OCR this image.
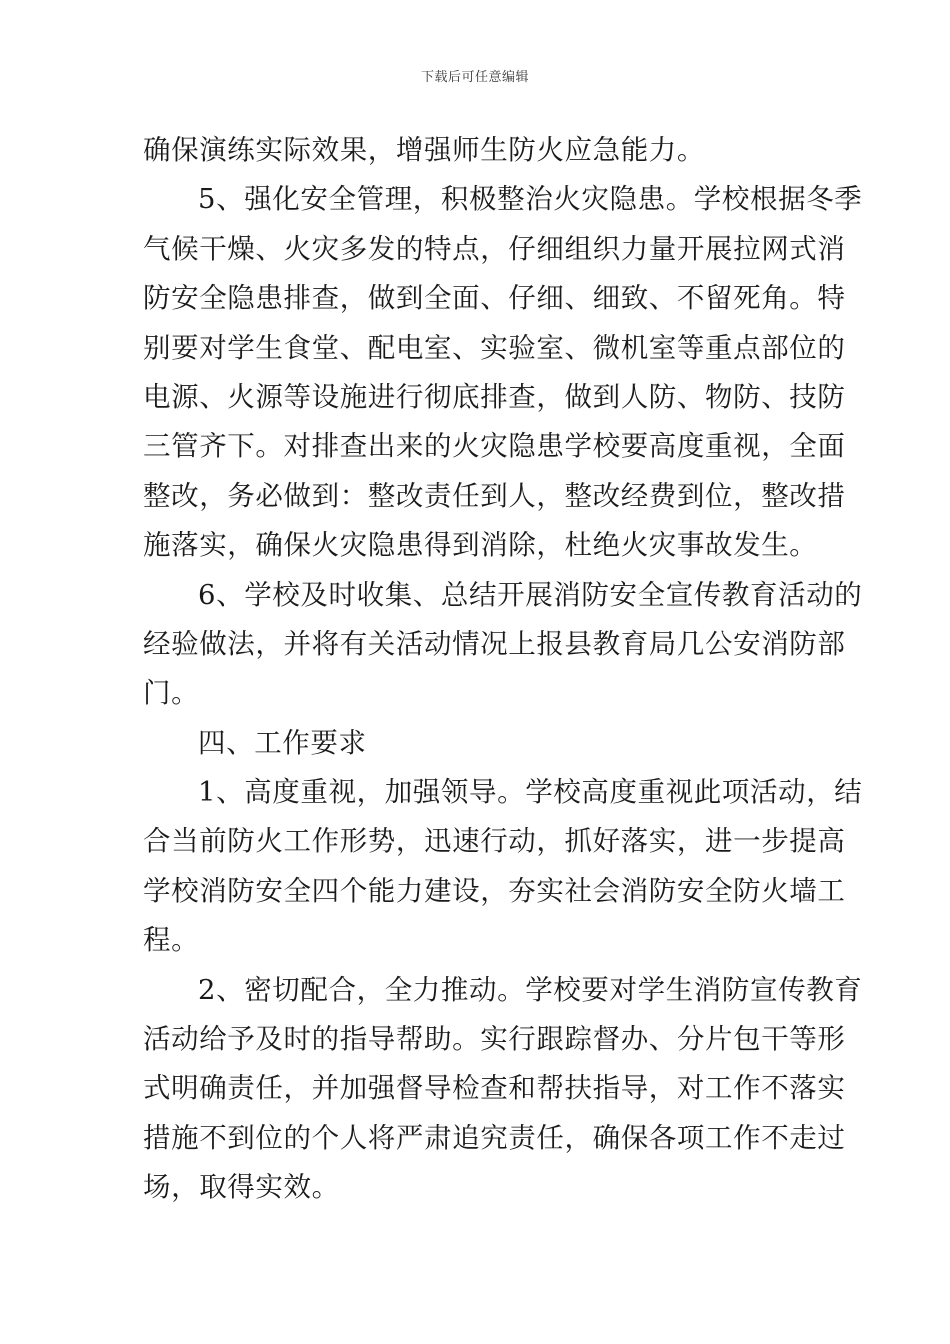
下载后可任意编辑
确保演练实际效果，增强师生防火应急能力。
5、强化安全管理，积极整治火灾隐患。学校根据冬季
气候干燥、火灾多发的特点，仔细组织力量开展拉网式消
防安全隐患排查，做到全面、仔细、细致、不留死角。特
别要对学生食堂、配电室、实验室、微机室等重点部位的
电源、火源等设施进行彻底排查，做到人防、物防、技防
三管齐下。对排查出来的火灾隐患学校要高度重视，全面
整改，务必做到：整改责任到人，整改经费到位，整改措
施落实，确保火灾隐患得到消除，杜绝火灾事故发生。
6、学校及时收集、总结开展消防安全宣传教育活动的
经验做法，并将有关活动情况上报县教育局几公安消防部
门。
四、工作要求
1、高度重视，加强领导。学校高度重视此项活动，结
合当前防火工作形势，迅速行动，抓好落实，进一步提高
学校消防安全四个能力建设，夯实社会消防安全防火墙工
程。
2、密切配合，全力推动。学校要对学生消防宣传教育
活动给予及时的指导帮助。实行跟踪督办、分片包干等形
式明确责任，并加强督导检查和帮扶指导，对工作不落实
措施不到位的个人将严肃追究责任，确保各项工作不走过
场，取得实效。
